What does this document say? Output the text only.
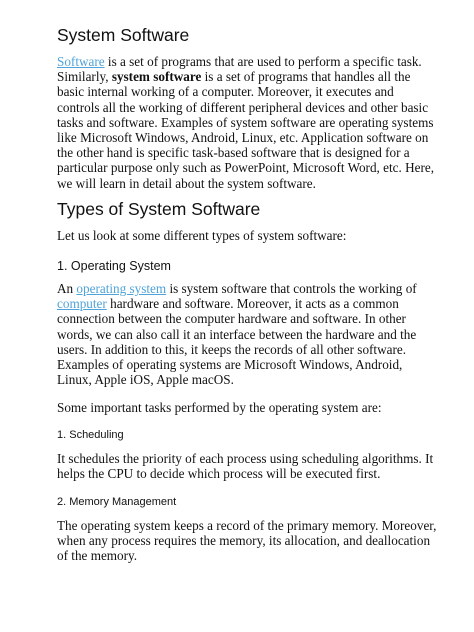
System Software

Software is a set of programs that are used to perform a specific task. Similarly, system software is a set of programs that handles all the basic internal working of a computer. Moreover, it executes and controls all the working of different peripheral devices and other basic tasks and software. Examples of system software are operating systems like Microsoft Windows, Android, Linux, etc. Application software on the other hand is specific task-based software that is designed for a particular purpose only such as PowerPoint, Microsoft Word, etc. Here, we will learn in detail about the system software.

Types of System Software

Let us look at some different types of system software:

1. Operating System

An operating system is system software that controls the working of computer hardware and software. Moreover, it acts as a common connection between the computer hardware and software. In other words, we can also call it an interface between the hardware and the users. In addition to this, it keeps the records of all other software. Examples of operating systems are Microsoft Windows, Android, Linux, Apple iOS, Apple macOS.

Some important tasks performed by the operating system are:

1. Scheduling

It schedules the priority of each process using scheduling algorithms. It helps the CPU to decide which process will be executed first.

2. Memory Management

The operating system keeps a record of the primary memory. Moreover, when any process requires the memory, its allocation, and deallocation of the memory.
